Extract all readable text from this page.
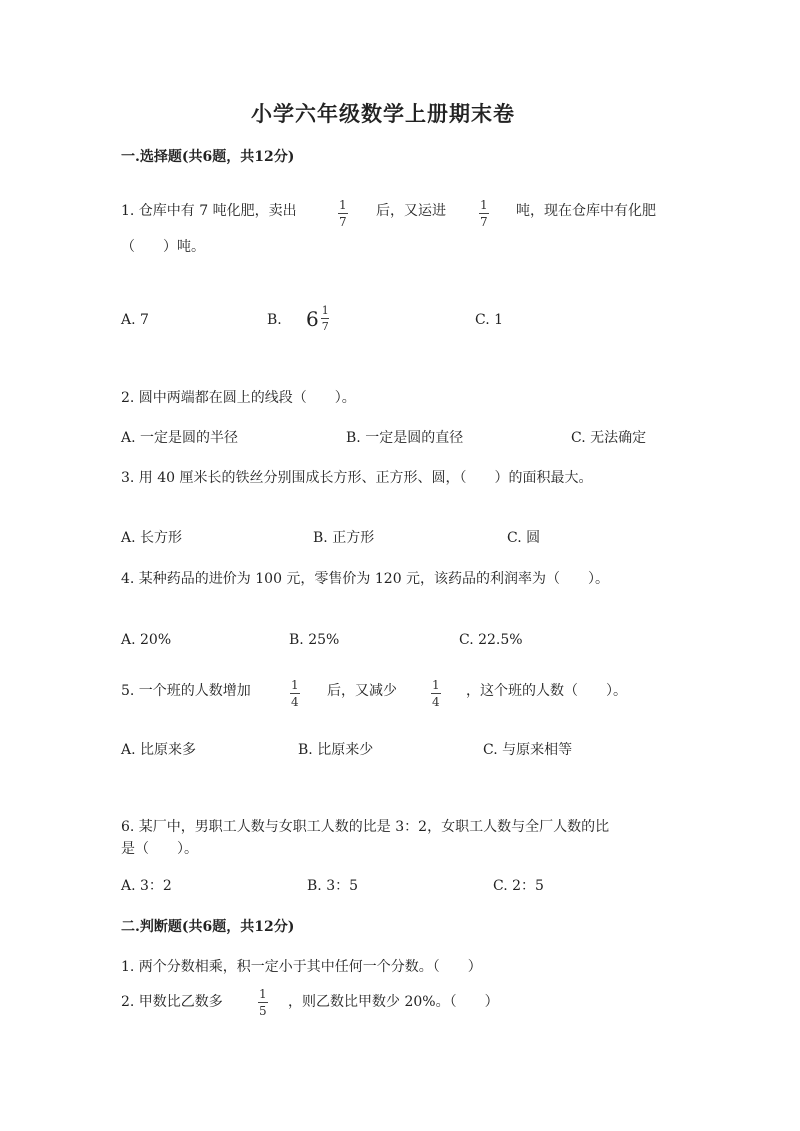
小学六年级数学上册期末卷
一.选择题(共6题，共12分)
1. 仓库中有 7 吨化肥，卖出	1
7
后，又运进	1
7
吨，现在仓库中有化肥
（　　）吨。
A. 7	B. $6 \frac{1}{7}$	C. 1
2. 圆中两端都在圆上的线段（　　）。
A. 一定是圆的半径	B. 一定是圆的直径	C. 无法确定
3. 用 40 厘米长的铁丝分别围成长方形、正方形、圆，（　　）的面积最大。
A. 长方形	B. 正方形	C. 圆
4. 某种药品的进价为 100 元，零售价为 120 元，该药品的利润率为（　　）。
A. 20%	B. 25%	C. 22.5%
5. 一个班的人数增加	1
4
后，又减少	1
4
，这个班的人数（　　）。
A. 比原来多	B. 比原来少	C. 与原来相等
6. 某厂中，男职工人数与女职工人数的比是 3：2，女职工人数与全厂人数的比
是（　　）。
A. 3：2	B. 3：5	C. 2：5
二.判断题(共6题，共12分)
1. 两个分数相乘，积一定小于其中任何一个分数。（　　）
2. 甲数比乙数多	1
5
，则乙数比甲数少 20%。（　　）
